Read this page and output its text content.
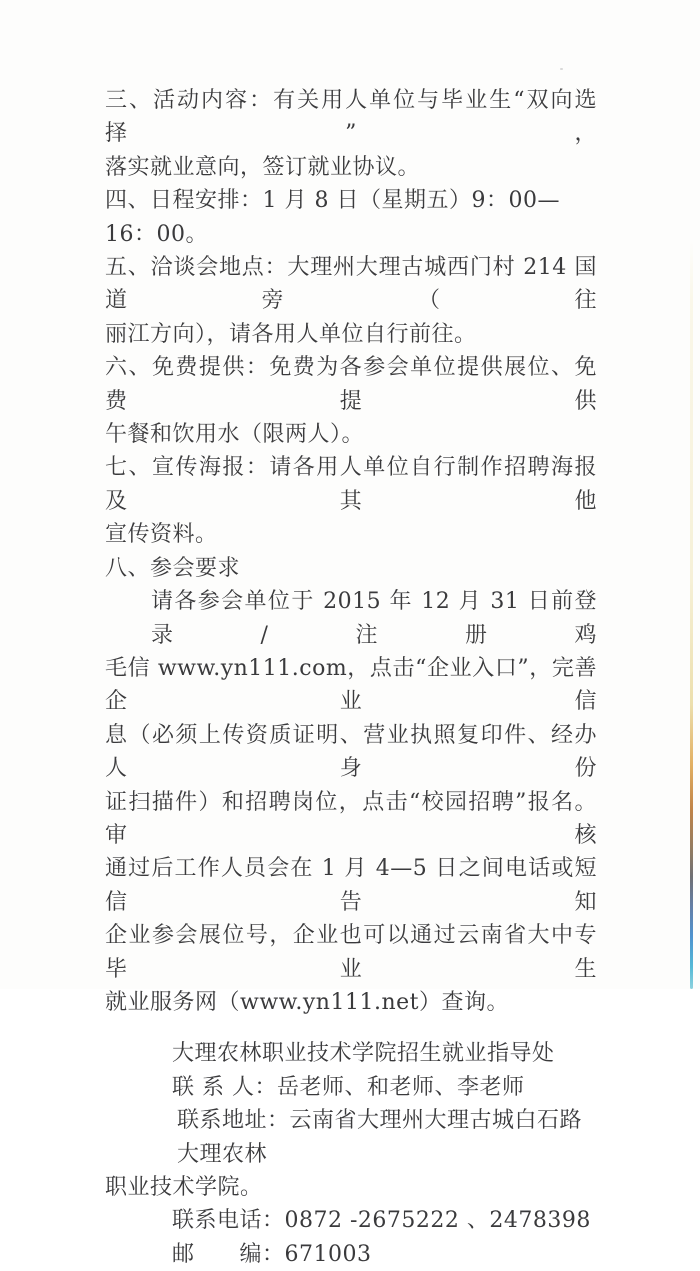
三、活动内容：有关用人单位与毕业生“双向选择”，
落实就业意向，签订就业协议。
四、日程安排：1 月 8 日（星期五）9：00—16：00。
五、洽谈会地点：大理州大理古城西门村 214 国道旁（往
丽江方向），请各用人单位自行前往。
六、免费提供：免费为各参会单位提供展位、免费提供
午餐和饮用水（限两人）。
七、宣传海报：请各用人单位自行制作招聘海报及其他
宣传资料。
八、参会要求
请各参会单位于 2015 年 12 月 31 日前登录/注册鸡
毛信 www.yn111.com，点击“企业入口”，完善企业信
息（必须上传资质证明、营业执照复印件、经办人身份
证扫描件）和招聘岗位，点击“校园招聘”报名。审核
通过后工作人员会在 1 月 4—5 日之间电话或短信告知
企业参会展位号，企业也可以通过云南省大中专毕业生
就业服务网（www.yn111.net）查询。
大理农林职业技术学院招生就业指导处
联 系 人：岳老师、和老师、李老师
联系地址：云南省大理州大理古城白石路大理农林
职业技术学院。
联系电话：0872 -2675222 、2478398
邮　　编：671003
